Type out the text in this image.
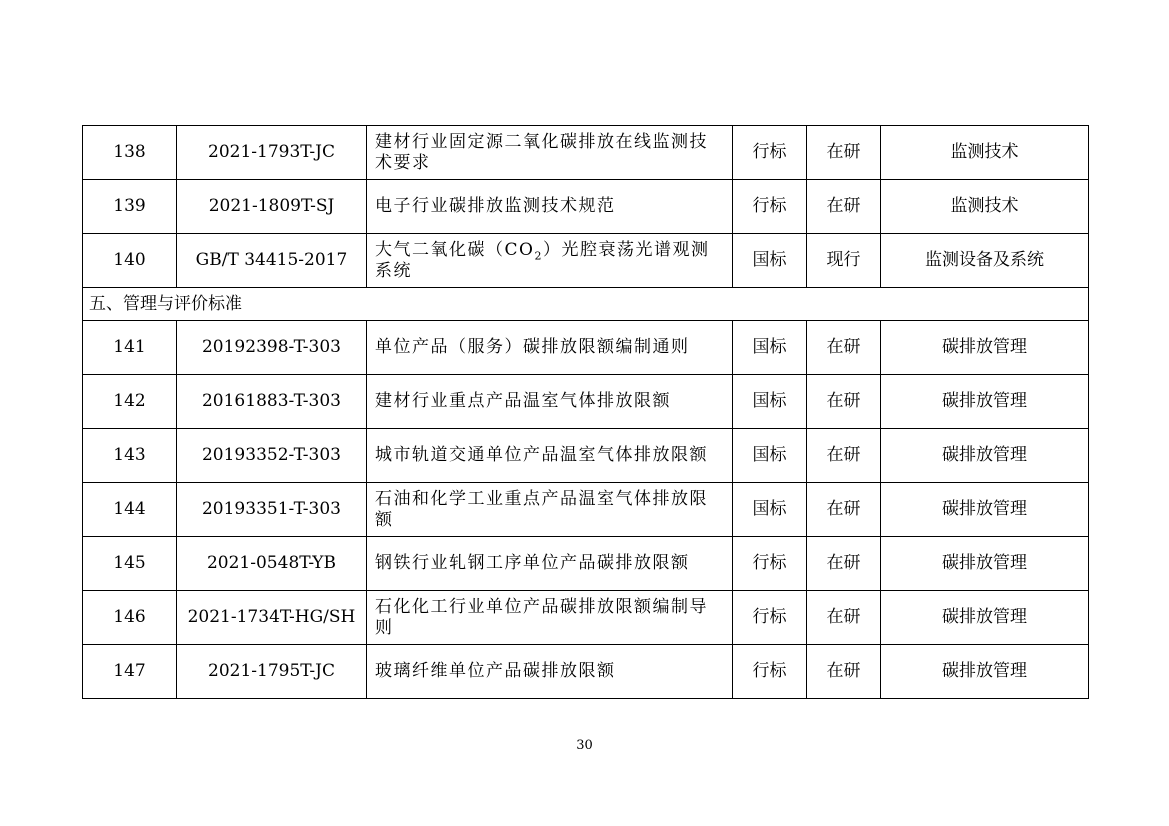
138	2021-1793T-JC	建材行业固定源二氧化碳排放在线监测技术要求	行标	在研	监测技术
139	2021-1809T-SJ	电子行业碳排放监测技术规范	行标	在研	监测技术
140	GB/T 34415-2017	大气二氧化碳$(CO_2)$光腔衰荡光谱观测系统	国标	现行	监测设备及系统
五、管理与评价标准					
141	20192398-T-303	单位产品（服务）碳排放限额编制通则	国标	在研	碳排放管理
142	20161883-T-303	建材行业重点产品温室气体排放限额	国标	在研	碳排放管理
143	20193352-T-303	城市轨道交通单位产品温室气体排放限额	国标	在研	碳排放管理
144	20193351-T-303	石油和化学工业重点产品温室气体排放限额	国标	在研	碳排放管理
145	2021-0548T-YB	钢铁行业轧钢工序单位产品碳排放限额	行标	在研	碳排放管理
146	2021-1734T-HG/SH	石化化工行业单位产品碳排放限额编制导则	行标	在研	碳排放管理
147	2021-1795T-JC	玻璃纤维单位产品碳排放限额	行标	在研	碳排放管理
30
